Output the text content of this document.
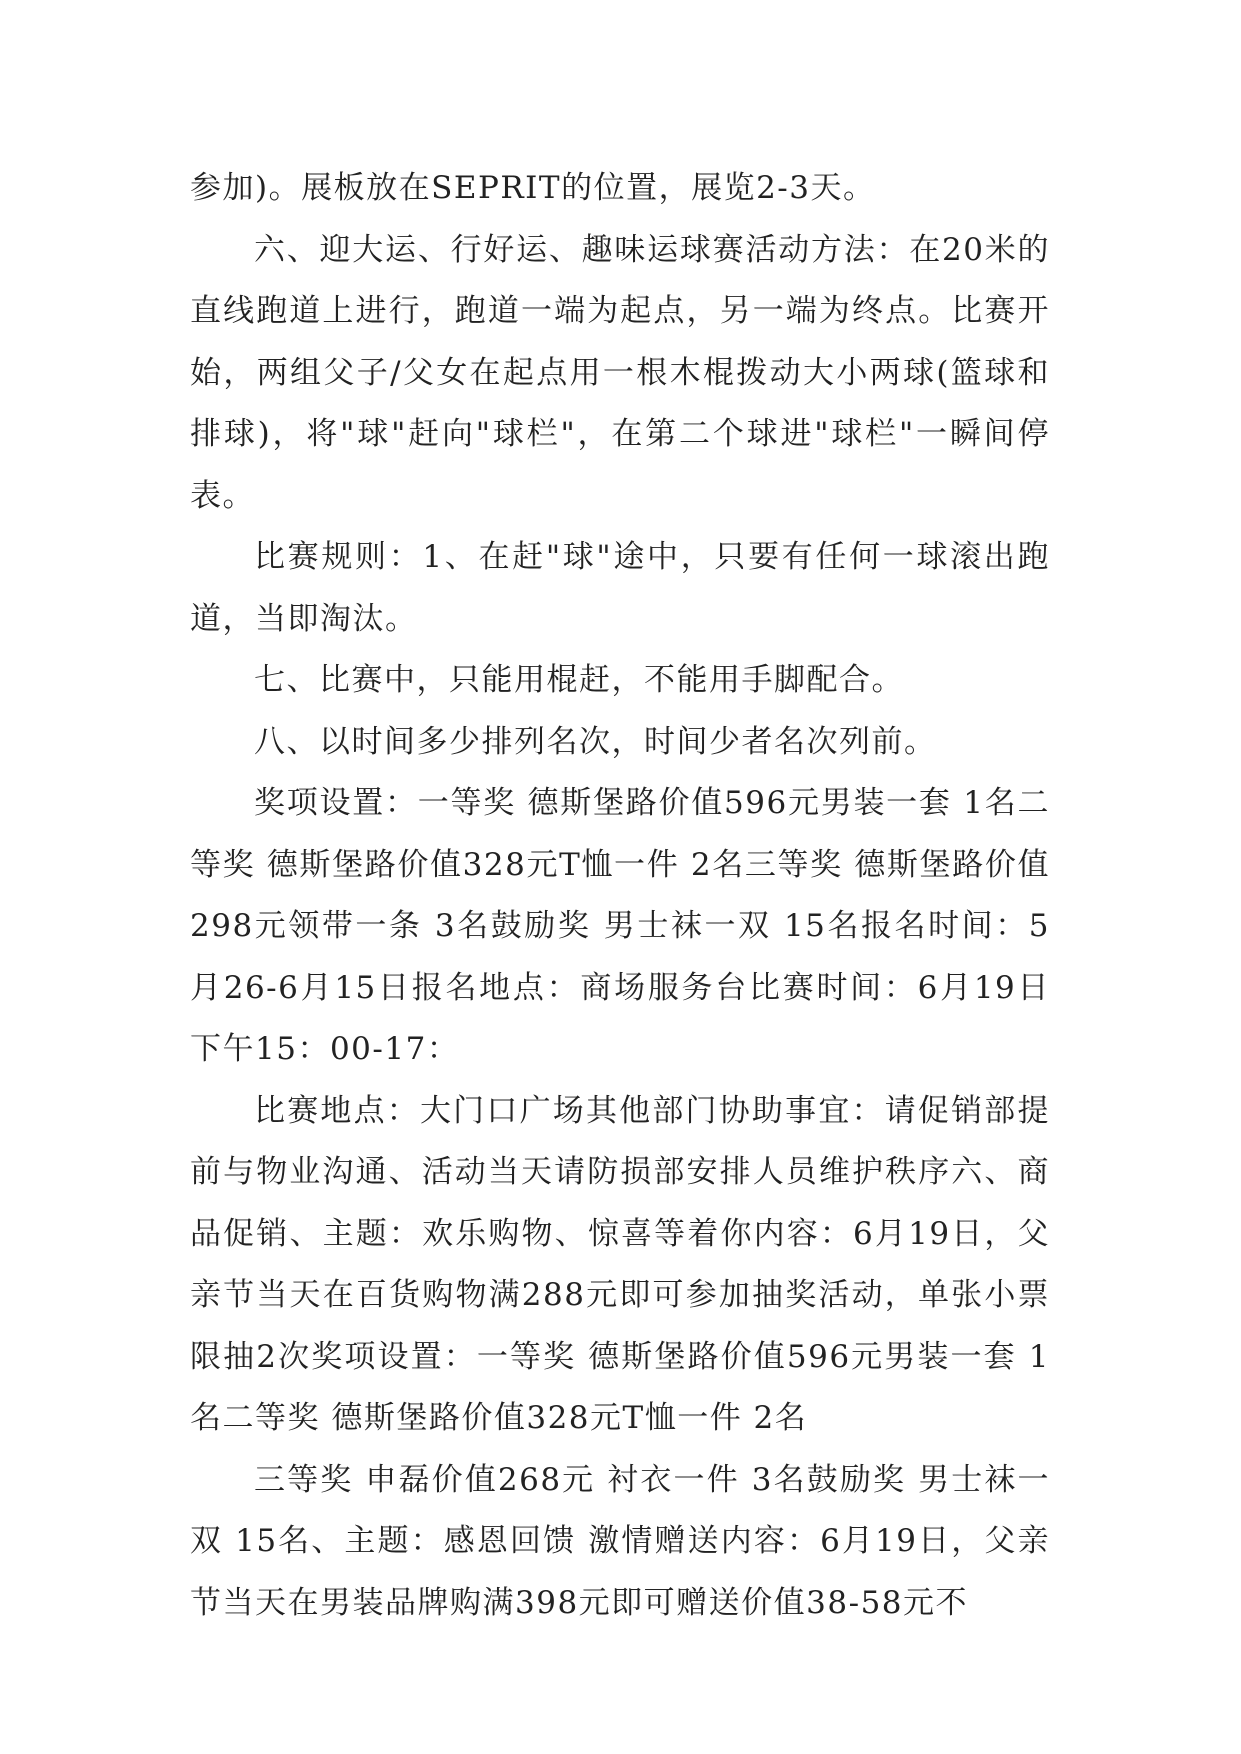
参加)。展板放在SEPRIT的位置，展览2-3天。

六、迎大运、行好运、趣味运球赛活动方法：在20米的直线跑道上进行，跑道一端为起点，另一端为终点。比赛开始，两组父子/父女在起点用一根木棍拨动大小两球(篮球和排球)，将"球"赶向"球栏"，在第二个球进"球栏"一瞬间停表。

比赛规则：1、在赶"球"途中，只要有任何一球滚出跑道，当即淘汰。

七、比赛中，只能用棍赶，不能用手脚配合。

八、以时间多少排列名次，时间少者名次列前。

奖项设置：一等奖 德斯堡路价值596元男装一套 1名二等奖 德斯堡路价值328元T恤一件 2名三等奖 德斯堡路价值298元领带一条 3名鼓励奖 男士袜一双 15名报名时间：5月26-6月15日报名地点：商场服务台比赛时间：6月19日 下午15：00-17：

比赛地点：大门口广场其他部门协助事宜：请促销部提前与物业沟通、活动当天请防损部安排人员维护秩序六、商品促销、主题：欢乐购物、惊喜等着你内容：6月19日，父亲节当天在百货购物满288元即可参加抽奖活动，单张小票限抽2次奖项设置：一等奖 德斯堡路价值596元男装一套 1名二等奖 德斯堡路价值328元T恤一件 2名

三等奖 申磊价值268元 衬衣一件 3名鼓励奖 男士袜一双 15名、主题：感恩回馈 激情赠送内容：6月19日，父亲节当天在男装品牌购满398元即可赠送价值38-58元不
